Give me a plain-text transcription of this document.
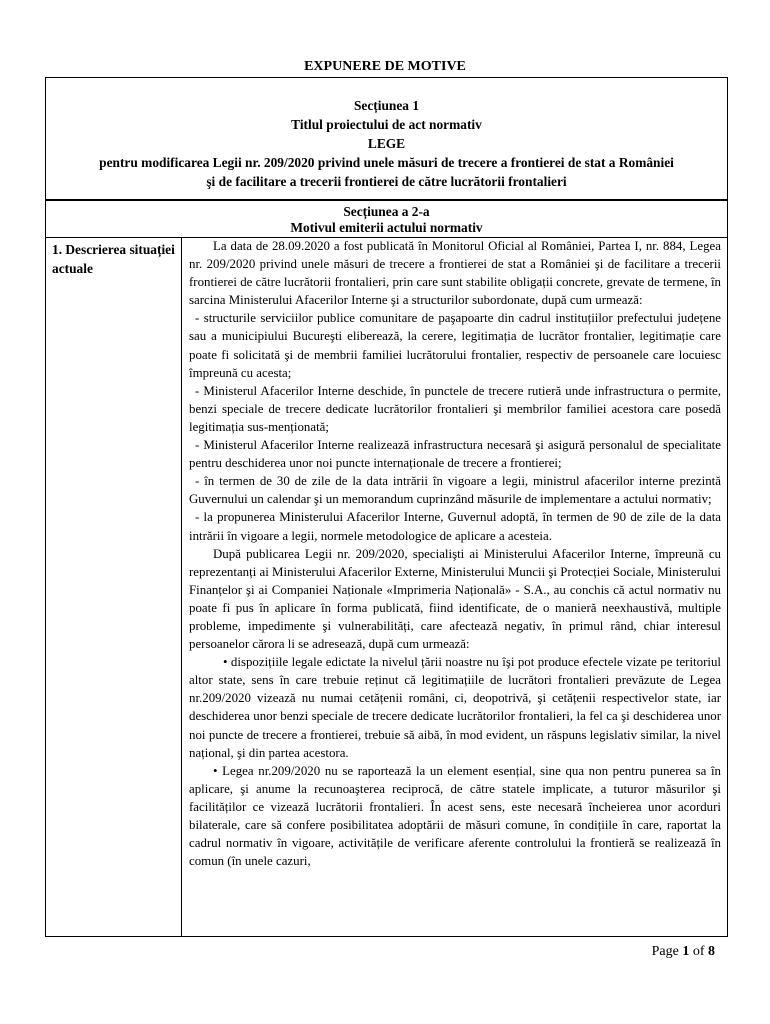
EXPUNERE DE MOTIVE
Secțiunea 1
Titlul proiectului de act normativ
LEGE
pentru modificarea Legii nr. 209/2020 privind unele măsuri de trecere a frontierei de stat a României
şi de facilitare a trecerii frontierei de către lucrătorii frontalieri
Secțiunea a 2-a
Motivul emiterii actului normativ
1. Descrierea situației actuale

La data de 28.09.2020 a fost publicată în Monitorul Oficial al României, Partea I, nr. 884, Legea nr. 209/2020 privind unele măsuri de trecere a frontierei de stat a României şi de facilitare a trecerii frontierei de către lucrătorii frontalieri, prin care sunt stabilite obligații concrete, grevate de termene, în sarcina Ministerului Afacerilor Interne şi a structurilor subordonate, după cum urmează:

- structurile serviciilor publice comunitare de paşapoarte din cadrul instituțiilor prefectului județene sau a municipiului Bucureşti eliberează, la cerere, legitimația de lucrător frontalier, legitimație care poate fi solicitată şi de membrii familiei lucrătorului frontalier, respectiv de persoanele care locuiesc împreună cu acesta;

- Ministerul Afacerilor Interne deschide, în punctele de trecere rutieră unde infrastructura o permite, benzi speciale de trecere dedicate lucrătorilor frontalieri şi membrilor familiei acestora care posedă legitimația sus-menționată;

- Ministerul Afacerilor Interne realizează infrastructura necesară şi asigură personalul de specialitate pentru deschiderea unor noi puncte internaționale de trecere a frontierei;

- în termen de 30 de zile de la data intrării în vigoare a legii, ministrul afacerilor interne prezintă Guvernului un calendar şi un memorandum cuprinzând măsurile de implementare a actului normativ;

- la propunerea Ministerului Afacerilor Interne, Guvernul adoptă, în termen de 90 de zile de la data intrării în vigoare a legii, normele metodologice de aplicare a acesteia.

După publicarea Legii nr. 209/2020, specialişti ai Ministerului Afacerilor Interne, împreună cu reprezentanți ai Ministerului Afacerilor Externe, Ministerului Muncii şi Protecției Sociale, Ministerului Finanțelor şi ai Companiei Naționale «Imprimeria Națională» - S.A., au conchis că actul normativ nu poate fi pus în aplicare în forma publicată, fiind identificate, de o manieră neexhaustivă, multiple probleme, impedimente şi vulnerabilități, care afectează negativ, în primul rând, chiar interesul persoanelor cărora li se adresează, după cum urmează:

• dispozițiile legale edictate la nivelul țării noastre nu îşi pot produce efectele vizate pe teritoriul altor state, sens în care trebuie reținut că legitimațiile de lucrători frontalieri prevăzute de Legea nr.209/2020 vizează nu numai cetățenii români, ci, deopotrivă, şi cetățenii respectivelor state, iar deschiderea unor benzi speciale de trecere dedicate lucrătorilor frontalieri, la fel ca şi deschiderea unor noi puncte de trecere a frontierei, trebuie să aibă, în mod evident, un răspuns legislativ similar, la nivel național, şi din partea acestora.

• Legea nr.209/2020 nu se raportează la un element esențial, sine qua non pentru punerea sa în aplicare, şi anume la recunoaşterea reciprocă, de către statele implicate, a tuturor măsurilor şi facilităților ce vizează lucrătorii frontalieri. În acest sens, este necesară încheierea unor acorduri bilaterale, care să confere posibilitatea adoptării de măsuri comune, în condițiile în care, raportat la cadrul normativ în vigoare, activitățile de verificare aferente controlului la frontieră se realizează în comun (în unele cazuri,

Page 1 of 8
